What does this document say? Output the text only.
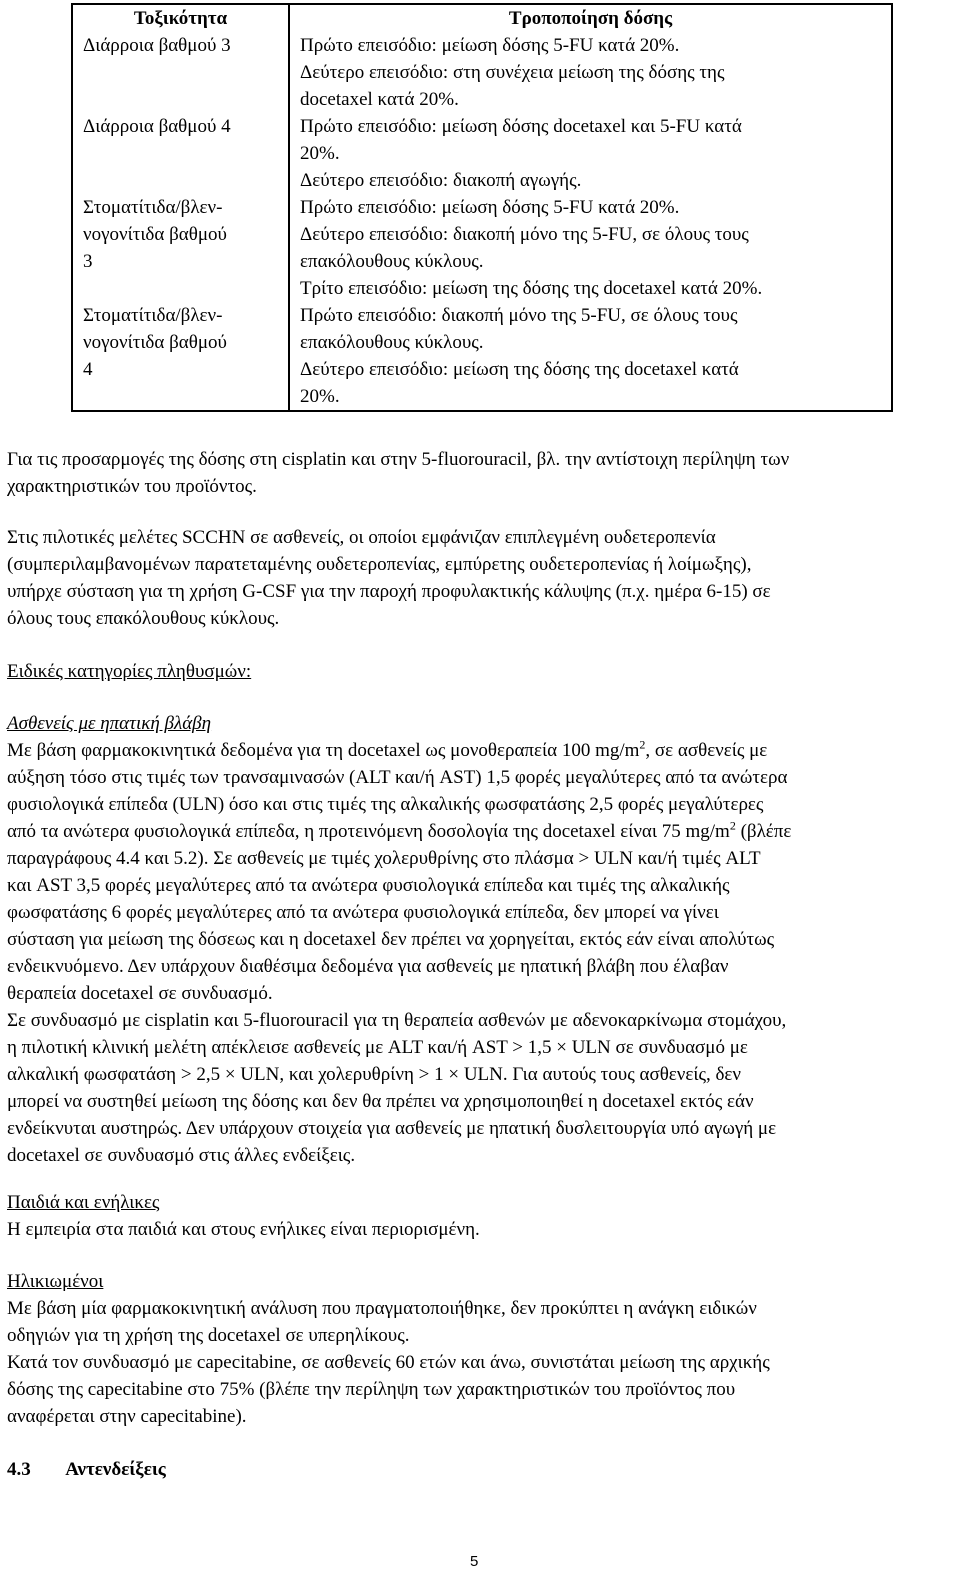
Τοξικότητα	Τροποποίηση δόσης

Διάρροια βαθμού 3	Πρώτο επεισόδιο: μείωση δόσης 5-FU κατά 20%.
Δεύτερο επεισόδιο: στη συνέχεια μείωση της δόσης της
docetaxel κατά 20%.

Διάρροια βαθμού 4	Πρώτο επεισόδιο: μείωση δόσης docetaxel και 5-FU κατά
20%.
Δεύτερο επεισόδιο: διακοπή αγωγής.

Στοματίτιδα/βλεν-
νογονίτιδα βαθμού
3	Πρώτο επεισόδιο: μείωση δόσης 5-FU κατά 20%.
Δεύτερο επεισόδιο: διακοπή μόνο της 5-FU, σε όλους τους
επακόλουθους κύκλους.
Τρίτο επεισόδιο: μείωση της δόσης της docetaxel κατά 20%.

Στοματίτιδα/βλεν-
νογονίτιδα βαθμού
4	Πρώτο επεισόδιο: διακοπή μόνο της 5-FU, σε όλους τους
επακόλουθους κύκλους.
Δεύτερο επεισόδιο: μείωση της δόσης της docetaxel κατά
20%.
Για τις προσαρμογές της δόσης στη cisplatin και στην 5-fluorouracil, βλ. την αντίστοιχη περίληψη των
χαρακτηριστικών του προϊόντος.
Στις πιλοτικές μελέτες SCCHN σε ασθενείς, οι οποίοι εμφάνιζαν επιπλεγμένη ουδετεροπενία
(συμπεριλαμβανομένων παρατεταμένης ουδετεροπενίας, εμπύρετης ουδετεροπενίας ή λοίμωξης),
υπήρχε σύσταση για τη χρήση G-CSF για την παροχή προφυλακτικής κάλυψης (π.χ. ημέρα 6-15) σε
όλους τους επακόλουθους κύκλους.
Ειδικές κατηγορίες πληθυσμών:
Ασθενείς με ηπατική βλάβη
Με βάση φαρμακοκινητικά δεδομένα για τη docetaxel ως μονοθεραπεία 100 $mg/m^2$, σε ασθενείς με
αύξηση τόσο στις τιμές των τρανσαμινασών (ALT και/ή AST) 1,5 φορές μεγαλύτερες από τα ανώτερα
φυσιολογικά επίπεδα (ULN) όσο και στις τιμές της αλκαλικής φωσφατάσης 2,5 φορές μεγαλύτερες
από τα ανώτερα φυσιολογικά επίπεδα, η προτεινόμενη δοσολογία της docetaxel είναι 75 $mg/m^2$ (βλέπε
παραγράφους 4.4 και 5.2). Σε ασθενείς με τιμές χολερυθρίνης στο πλάσμα > ULN και/ή τιμές ALT
και AST 3,5 φορές μεγαλύτερες από τα ανώτερα φυσιολογικά επίπεδα και τιμές της αλκαλικής
φωσφατάσης 6 φορές μεγαλύτερες από τα ανώτερα φυσιολογικά επίπεδα, δεν μπορεί να γίνει
σύσταση για μείωση της δόσεως και η docetaxel δεν πρέπει να χορηγείται, εκτός εάν είναι απολύτως
ενδεικνυόμενο. Δεν υπάρχουν διαθέσιμα δεδομένα για ασθενείς με ηπατική βλάβη που έλαβαν
θεραπεία docetaxel σε συνδυασμό.
Σε συνδυασμό με cisplatin και 5-fluorouracil για τη θεραπεία ασθενών με αδενοκαρκίνωμα στομάχου,
η πιλοτική κλινική μελέτη απέκλεισε ασθενείς με ALT και/ή AST > 1,5 × ULN σε συνδυασμό με
αλκαλική φωσφατάση > 2,5 × ULN, και χολερυθρίνη > 1 × ULN. Για αυτούς τους ασθενείς, δεν
μπορεί να συστηθεί μείωση της δόσης και δεν θα πρέπει να χρησιμοποιηθεί η docetaxel εκτός εάν
ενδείκνυται αυστηρώς. Δεν υπάρχουν στοιχεία για ασθενείς με ηπατική δυσλειτουργία υπό αγωγή με
docetaxel σε συνδυασμό στις άλλες ενδείξεις.
Παιδιά και ενήλικες
Η εμπειρία στα παιδιά και στους ενήλικες είναι περιορισμένη.
Ηλικιωμένοι
Με βάση μία φαρμακοκινητική ανάλυση που πραγματοποιήθηκε, δεν προκύπτει η ανάγκη ειδικών
οδηγιών για τη χρήση της docetaxel σε υπερηλίκους.
Κατά τον συνδυασμό με capecitabine, σε ασθενείς 60 ετών και άνω, συνιστάται μείωση της αρχικής
δόσης της capecitabine στο 75% (βλέπε την περίληψη των χαρακτηριστικών του προϊόντος που
αναφέρεται στην capecitabine).
4.3 Αντενδείξεις
5
